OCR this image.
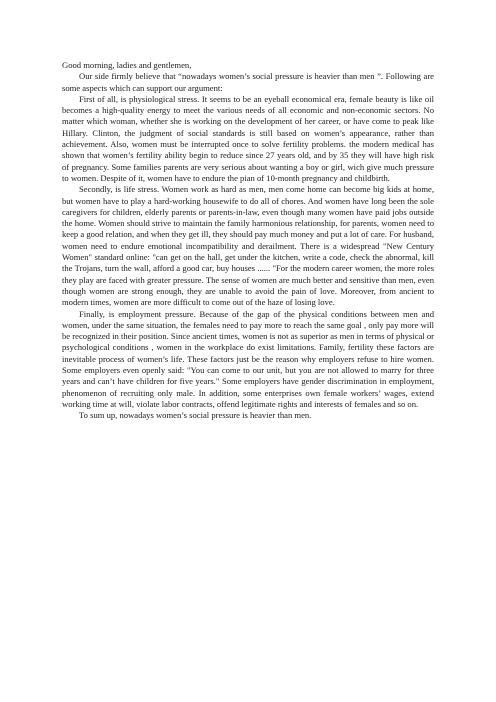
Good morning, ladies and gentlemen,

Our side firmly believe that “nowadays women’s social pressure is heavier than men ”. Following are some aspects which can support our argument:

First of all, is physiological stress. It seems to be an eyeball economical era, female beauty is like oil becomes a high-quality energy to meet the various needs of all economic and non-economic sectors. No matter which woman, whether she is working on the development of her career, or have come to peak like Hillary. Clinton, the judgment of social standards is still based on women’s appearance, rather than achievement. Also, women must be interrupted once to solve fertility problems. the modern medical has shown that women’s fertility ability begin to reduce since 27 years old, and by 35 they will have high risk of pregnancy. Some families parents are very serious about wanting a boy or girl, wich give much pressure to women. Despite of it, women have to endure the pian of 10-month pregnancy and childbirth.

Secondly, is life stress. Women work as hard as men, men come home can become big kids at home, but women have to play a hard-working housewife to do all of chores. And women have long been the sole caregivers for children, elderly parents or parents-in-law, even though many women have paid jobs outside the home. Women should strive to maintain the family harmonious relationship, for parents, women need to keep a good relation, and when they get ill, they should pay much money and put a lot of care. For husband, women need to endure emotional incompatibility and derailment. There is a widespread "New Century Women" standard online: "can get on the hall, get under the kitchen, write a code, check the abnormal, kill the Trojans, turn the wall, afford a good car, buy houses ...... "For the modern career women, the more roles they play are faced with greater pressure. The sense of women are much better and sensitive than men, even though women are strong enough, they are unable to avoid the pain of love. Moreover, from ancient to modern times, women are more difficult to come out of the haze of losing love.

Finally, is employment pressure. Because of the gap of the physical conditions between men and women, under the same situation, the females need to pay more to reach the same goal , only pay more will be recognized in their position. Since ancient times, women is not as superior as men in terms of physical or psychological conditions , women in the workplace do exist limitations. Family, fertility these factors are inevitable process of women’s life. These factors just be the reason why employers refuse to hire women. Some employers even openly said: "You can come to our unit, but you are not allowed to marry for three years and can’t have children for five years." Some employers have gender discrimination in employment, phenomenon of recruiting only male. In addition, some enterprises own female workers’ wages, extend working time at will, violate labor contracts, offend legitimate rights and interests of females and so on.

To sum up, nowadays women’s social pressure is heavier than men.
